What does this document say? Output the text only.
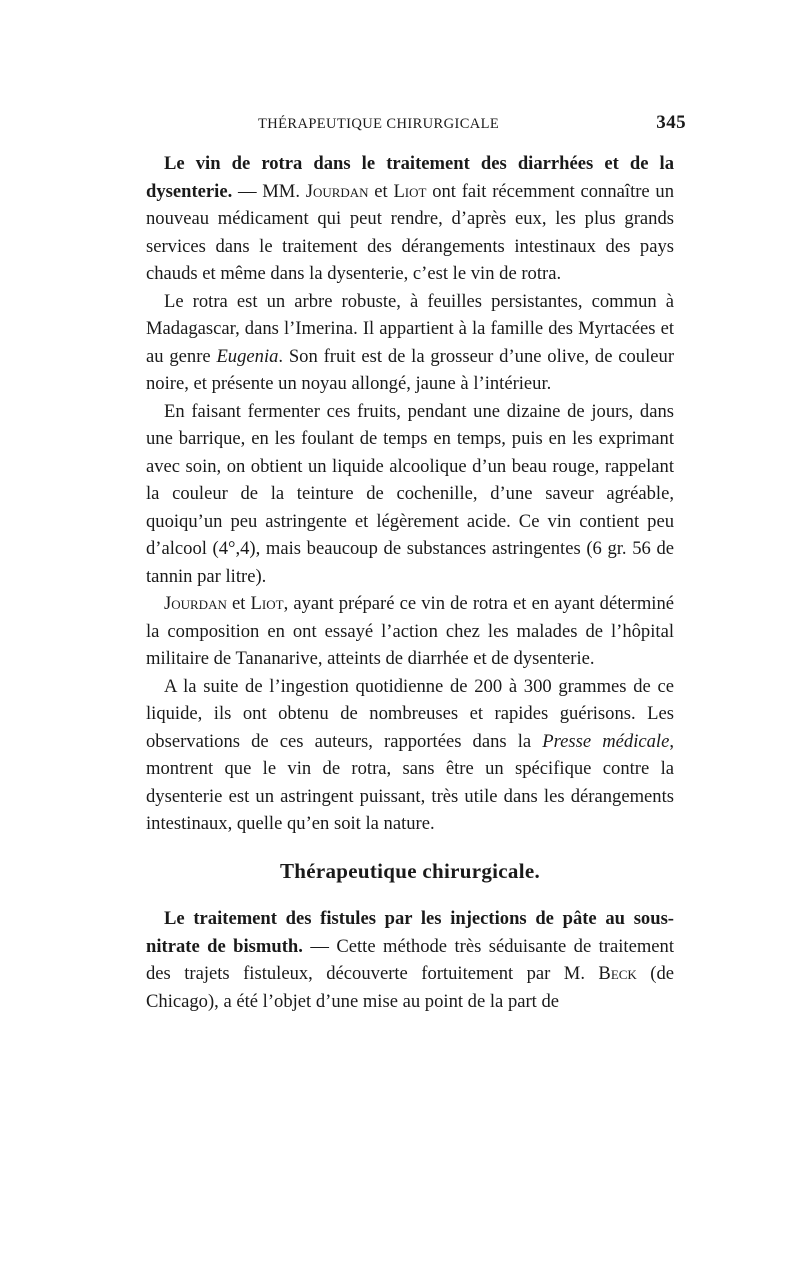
THÉRAPEUTIQUE CHIRURGICALE	345

Le vin de rotra dans le traitement des diarrhées et de la dysenterie. — MM. Jourdan et Liot ont fait récemment connaître un nouveau médicament qui peut rendre, d’après eux, les plus grands services dans le traitement des dérangements intestinaux des pays chauds et même dans la dysenterie, c’est le vin de rotra.

Le rotra est un arbre robuste, à feuilles persistantes, commun à Madagascar, dans l’Imerina. Il appartient à la famille des Myrtacées et au genre Eugenia. Son fruit est de la grosseur d’une olive, de couleur noire, et présente un noyau allongé, jaune à l’intérieur.

En faisant fermenter ces fruits, pendant une dizaine de jours, dans une barrique, en les foulant de temps en temps, puis en les exprimant avec soin, on obtient un liquide alcoolique d’un beau rouge, rappelant la couleur de la teinture de cochenille, d’une saveur agréable, quoiqu’un peu astringente et légèrement acide. Ce vin contient peu d’alcool (4°,4), mais beaucoup de substances astringentes (6 gr. 56 de tannin par litre).

Jourdan et Liot, ayant préparé ce vin de rotra et en ayant déterminé la composition en ont essayé l’action chez les malades de l’hôpital militaire de Tananarive, atteints de diarrhée et de dysenterie.

A la suite de l’ingestion quotidienne de 200 à 300 grammes de ce liquide, ils ont obtenu de nombreuses et rapides guérisons. Les observations de ces auteurs, rapportées dans la Presse médicale, montrent que le vin de rotra, sans être un spécifique contre la dysenterie est un astringent puissant, très utile dans les dérangements intestinaux, quelle qu’en soit la nature.

Thérapeutique chirurgicale.

Le traitement des fistules par les injections de pâte au sous-nitrate de bismuth. — Cette méthode très séduisante de traitement des trajets fistuleux, découverte fortuitement par M. Beck (de Chicago), a été l’objet d’une mise au point de la part de
